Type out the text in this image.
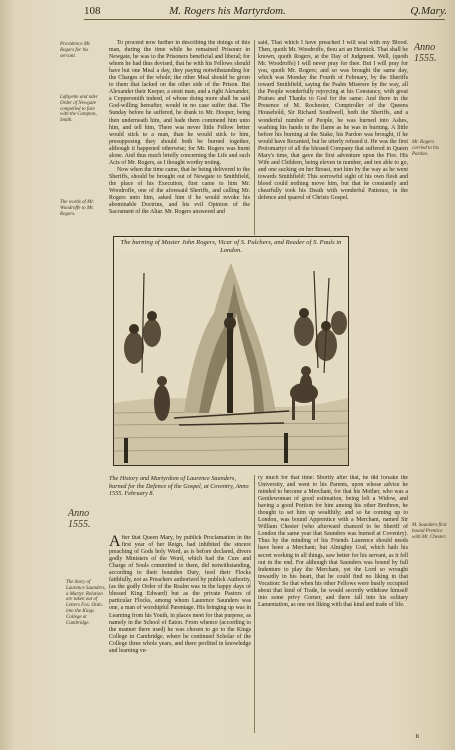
108	M. Rogers his Martyrdom.	Q.Mary.
Anno 1555.
Providence Mr. Rogers for his servant.
Lafayette and nder Order of Newgate compelled to fare with the Compton, Smith.
The words of Mr. Woodroffe to Mr. Rogers.
Mr. Rogers carried to his Pardon.
Anno 1555.
The Story of Laurence Saunders, a Martyr. Relation are taken out of Letters Fox. Ordo. into the Kings College at Cambridge.
M. Saunders first bound Prentice with Mr. Chester.

To proceed now further in describing the doings of this man, during the time while he remained Prisoner in Newgate, he was to the Prisoners beneficial and liberal; for whom he had thus devised, that he with his Fellows should have but one Meal a day, they paying notwithstanding for the Charges of the whole; the other Meal should be given to them that lacked on the other side of the Prison. But Alexander their Keeper, a strait man, and a right Alexander, a Coppersmith indeed, of whose doing more shall be said God-willing hereafter, would in no case suffer that. The Sunday before he suffered, he drank to Mr. Hooper, being then underneath him, and bade them commend him unto him, and tell him, There was never little Fellow better would stick to a man, than he would stick to him, presupposing they should both be burned together, although it happened otherwise; for Mr. Rogers was burnt alone. And thus much briefly concerning the Life and such Acts of Mr. Rogers, as I thought worthy noting.

Now when the time came, that he being delivered to the Sheriffs, should be brought out of Newgate to Smithfield, the place of his Execution, first came to him Mr. Woodroffe, one of the aforesaid Sheriffs, and calling Mr. Rogers unto him, asked him if he would revoke his abominable Doctrine, and his evil Opinion of the Sacrament of the Altar. Mr. Rogers answered and

said, That which I have preached I will seal with my Blood. Then, quoth Mr. Woodroffe, thou art an Heretick. That shall be known, quoth Rogers, at the Day of Judgment. Well, (quoth Mr. Woodroffe) I will never pray for thee. But I will pray for you, quoth Mr. Rogers; and so was brought the same day, which was Monday the Fourth of February, by the Sheriffs toward Smithfield, saying the Psalm Miserere by the way, all the People wonderfully rejoycing at his Constancy, with great Praises and Thanks to God for the same: And there in the Presence of M. Rochester, Comptroller of the Queens Household, Sir Richard Southwell, both the Sheriffs, and a wonderful number of People, he was burned into Ashes, washing his hands in the flame as he was in burning. A little before his burning at the Stake, his Pardon was brought, if he would have Recanted, but he utterly refused it. He was the first Protomartyr of all the blessed Company that suffered in Queen Mary's time, that gave the first adventure upon the Fire. His Wife and Children, being eleven in number, and ten able to go, and one sucking on her Breast, met him by the way as he went towards Smithfield: This sorrowful sight of his own flesh and blood could nothing move him, but that he constantly and chearfully took his Death with wonderful Patience, in the defence and quarrel of Christs Gospel.

The burning of Master John Rogers, Vicar of S. Pulchers, and Reader of S. Pauls in London.
The History and Martyrdom of Laurence Saunders, burned for the Defence of the Gospel, at Coventry, Anno 1555. February 8.
A fter that Queen Mary, by publick Proclamation in the first year of her Reign, had inhibited the sincere preaching of Gods holy Word, as is before declared, divers godly Ministers of the Word, which had the Cure and Charge of Souls committed to them, did notwithstanding, according to their bounden Duty, feed their Flocks faithfully, not as Preachers authorized by publick Authority, (as the godly Order of the Realm was in the happy days of blessed King Edward) but as the private Pastors of particular Flocks, among whom Laurence Saunders was one, a man of worshipful Parentage. His bringing up was in Learning from his Youth, in places meet for that purpose, as namely in the School of Eaton. From whence (according to the manner there used) he was chosen to go to the Kings College in Cambridge, where he continued Scholar of the College three whole years, and there profited in knowledge and learning ve-

ry much for that time: Shortly after that, he did forsake the University, and went to his Parents, upon whose advice he minded to become a Merchant, for that his Mother, who was a Gentlewoman of good estimation, being left a Widow, and having a good Portion for him among his other Brethren, he thought to set him up wealthily; and so he coming up to London, was bound Apprentice with a Merchant, named Sir William Chester (who afterward chanced to be Sheriff of London the same year that Saunders was burned at Coventry). Thus by the minding of his Friends Laurence should needs have been a Merchant; but Almighty God, which hath his secret working in all things, saw better for his servant, as it fell out in the end. For although that Saunders was bound by full Indenture to play the Merchant, yet the Lord so wrought inwardly in his heart, that he could find no liking in that Vocation: So that when his other Fellows were busily occupied about that kind of Trade, he would secretly withdraw himself into some privy Corner, and there fall into his solitary Lamentation, as one not liking with that kind and trade of life.

It
